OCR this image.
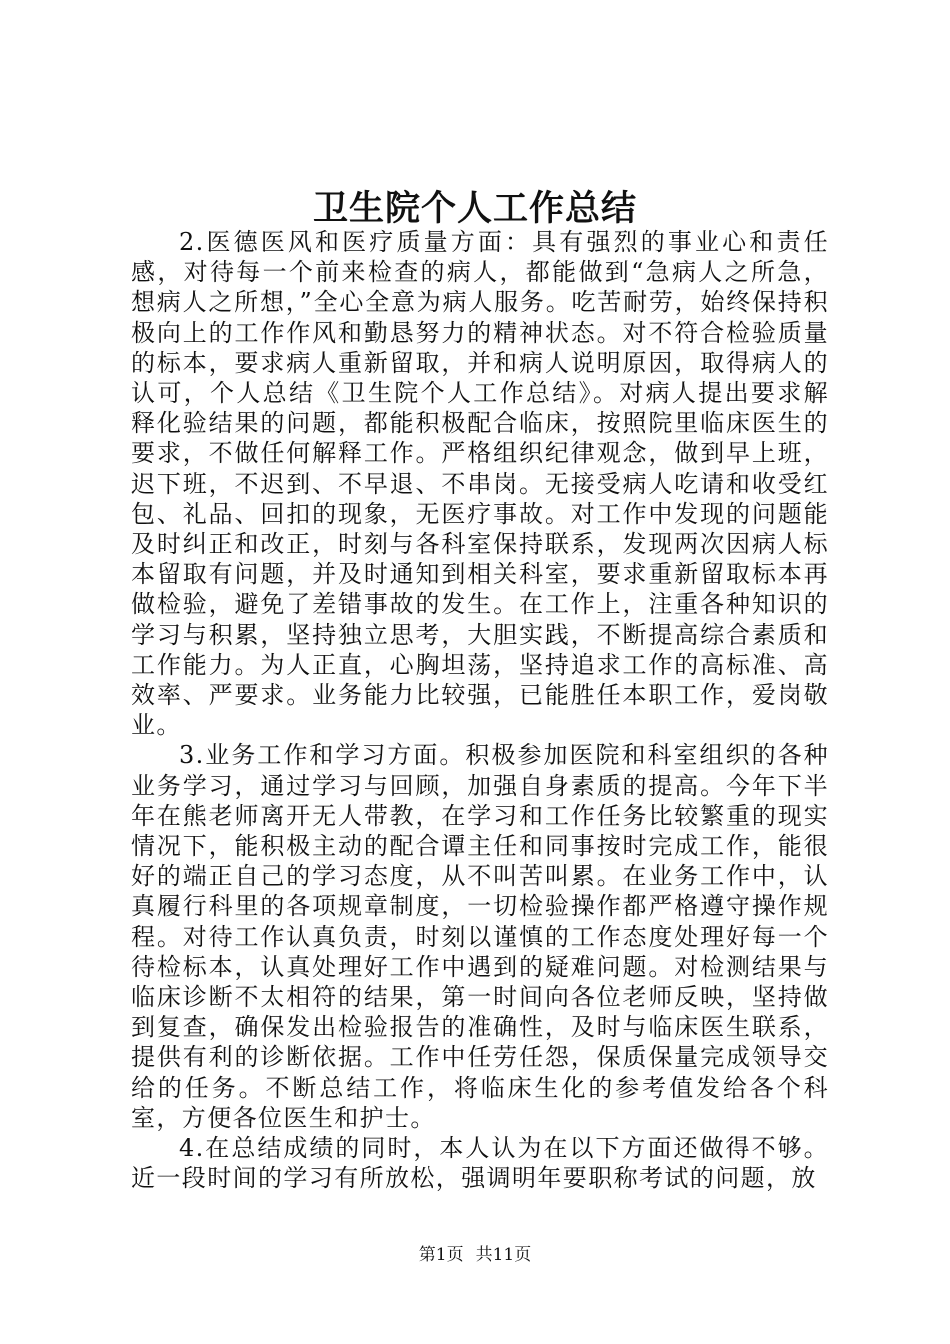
卫生院个人工作总结

2.医德医风和医疗质量方面：具有强烈的事业心和责任感，对待每一个前来检查的病人，都能做到“急病人之所急，想病人之所想，”全心全意为病人服务。吃苦耐劳，始终保持积极向上的工作作风和勤恳努力的精神状态。对不符合检验质量的标本，要求病人重新留取，并和病人说明原因，取得病人的认可，个人总结《卫生院个人工作总结》。对病人提出要求解释化验结果的问题，都能积极配合临床，按照院里临床医生的要求，不做任何解释工作。严格组织纪律观念，做到早上班，迟下班，不迟到、不早退、不串岗。无接受病人吃请和收受红包、礼品、回扣的现象，无医疗事故。对工作中发现的问题能及时纠正和改正，时刻与各科室保持联系，发现两次因病人标本留取有问题，并及时通知到相关科室，要求重新留取标本再做检验，避免了差错事故的发生。在工作上，注重各种知识的学习与积累，坚持独立思考，大胆实践，不断提高综合素质和工作能力。为人正直，心胸坦荡，坚持追求工作的高标准、高效率、严要求。业务能力比较强，已能胜任本职工作，爱岗敬业。

3.业务工作和学习方面。积极参加医院和科室组织的各种业务学习，通过学习与回顾，加强自身素质的提高。今年下半年在熊老师离开无人带教，在学习和工作任务比较繁重的现实情况下，能积极主动的配合谭主任和同事按时完成工作，能很好的端正自己的学习态度，从不叫苦叫累。在业务工作中，认真履行科里的各项规章制度，一切检验操作都严格遵守操作规程。对待工作认真负责，时刻以谨慎的工作态度处理好每一个待检标本，认真处理好工作中遇到的疑难问题。对检测结果与临床诊断不太相符的结果，第一时间向各位老师反映，坚持做到复查，确保发出检验报告的准确性，及时与临床医生联系，提供有利的诊断依据。工作中任劳任怨，保质保量完成领导交给的任务。不断总结工作，将临床生化的参考值发给各个科室，方便各位医生和护士。

4.在总结成绩的同时，本人认为在以下方面还做得不够。近一段时间的学习有所放松，强调明年要职称考试的问题，放

第1页 共11页
